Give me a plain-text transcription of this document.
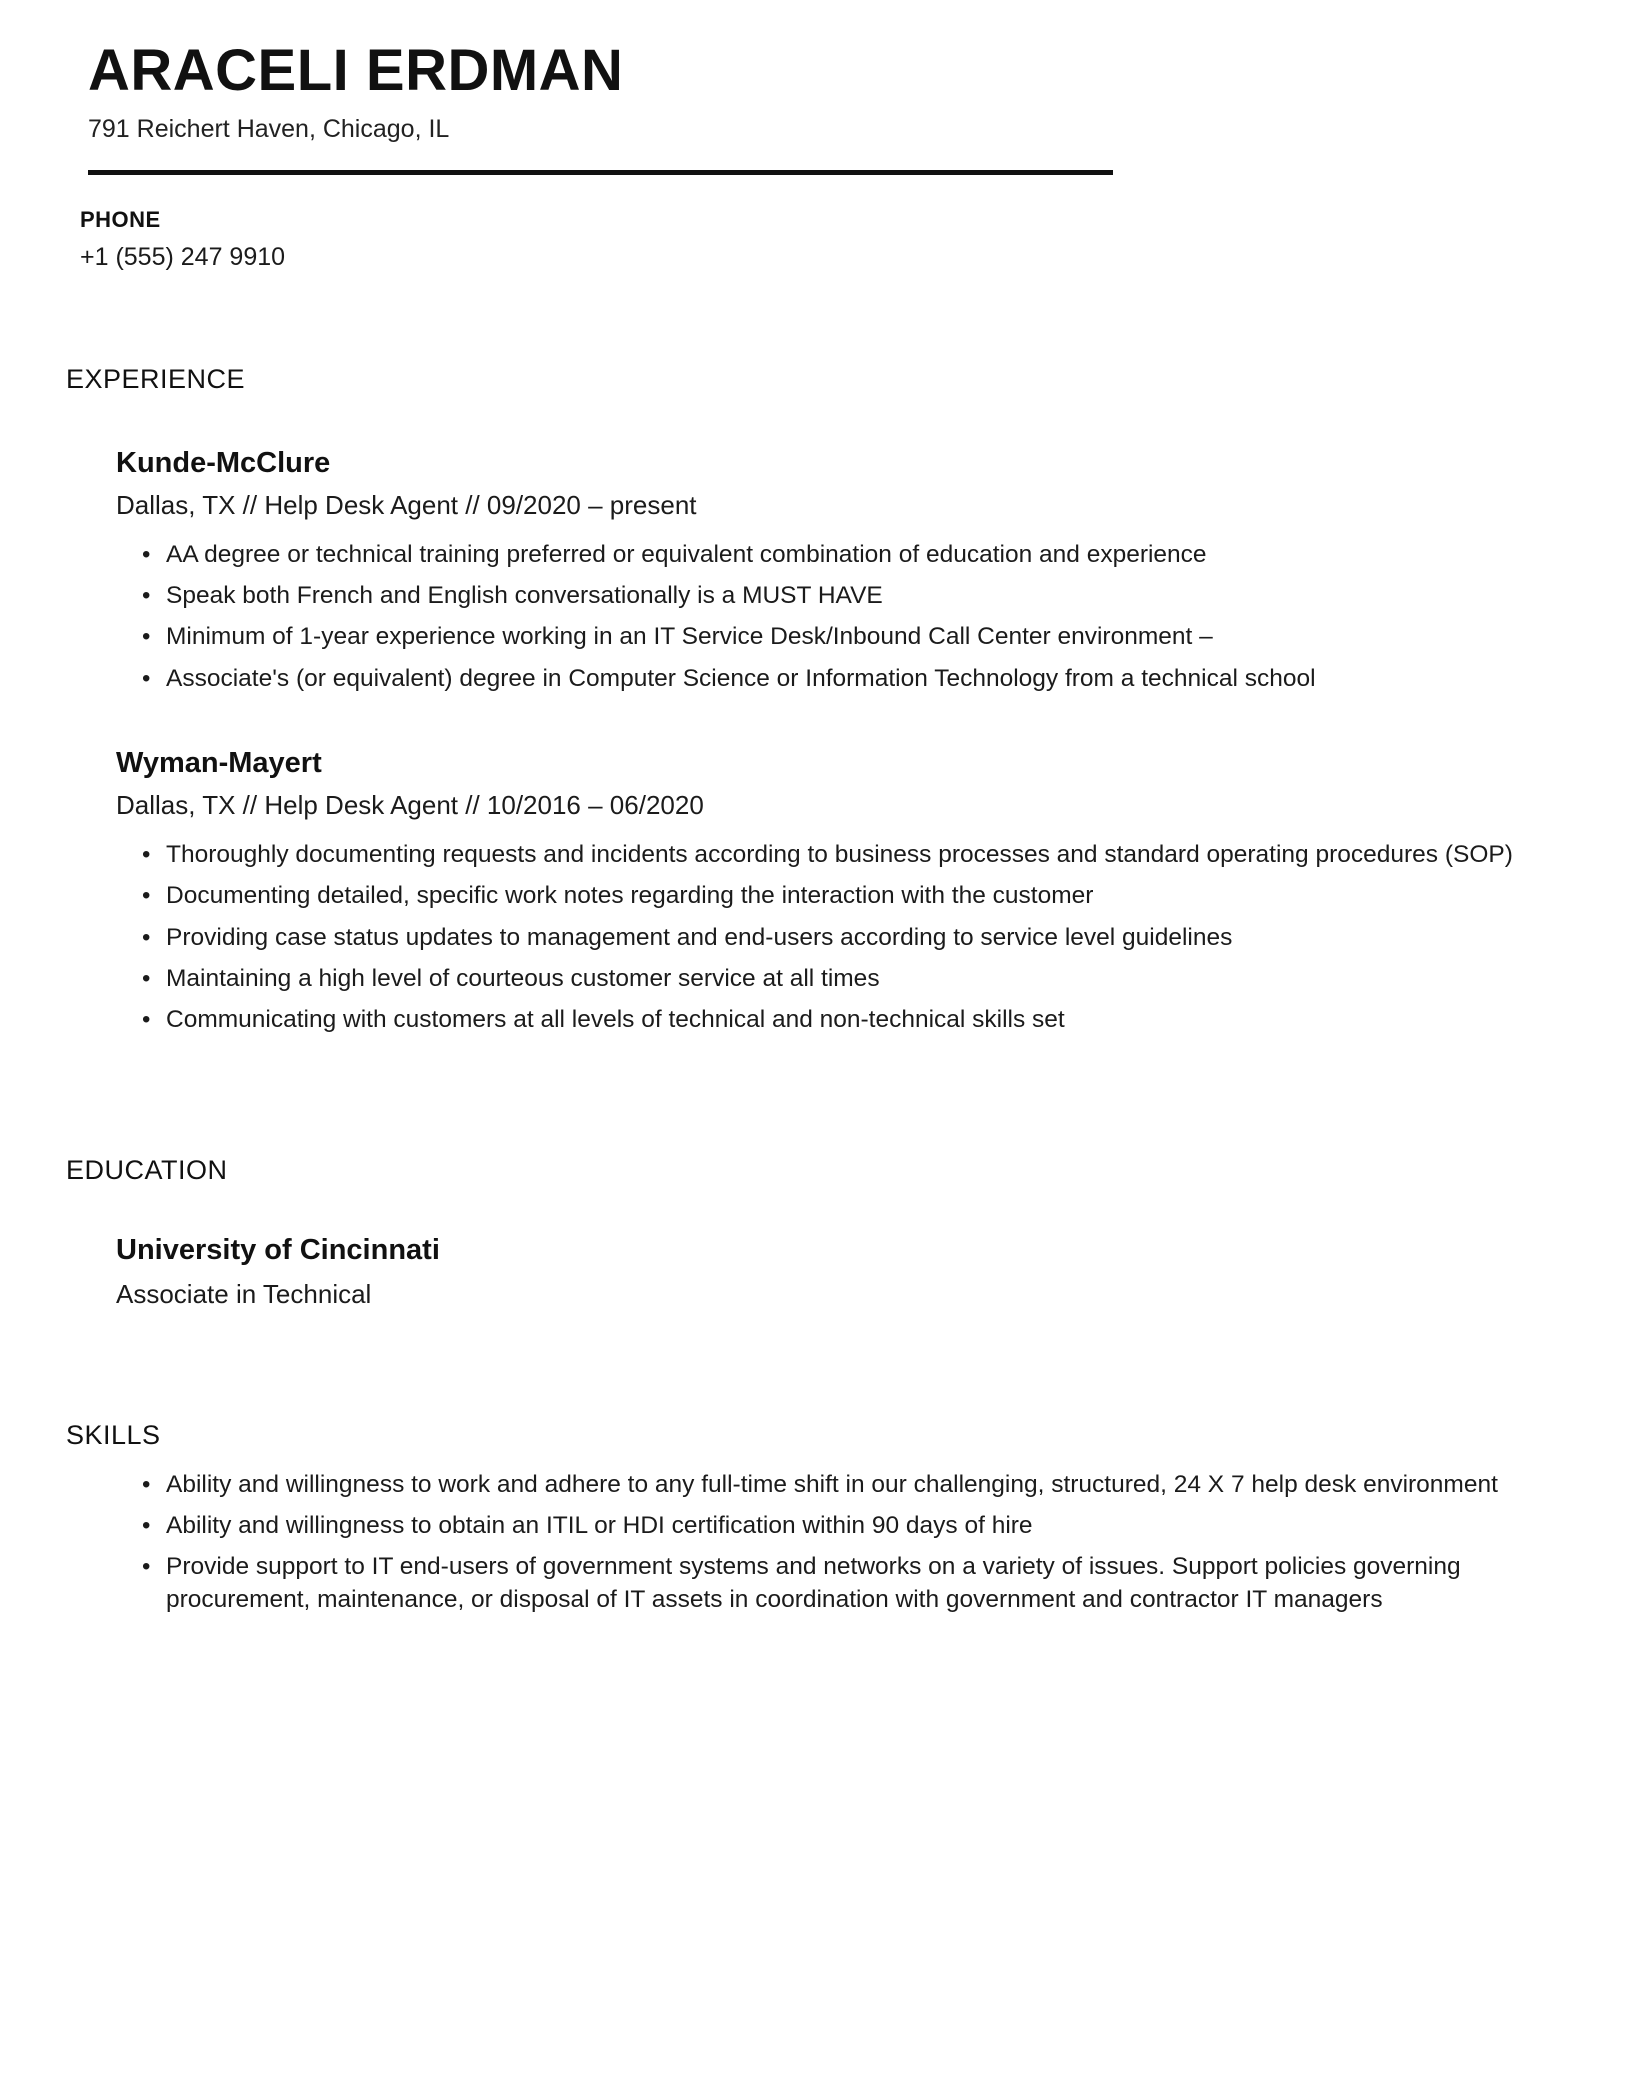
ARACELI ERDMAN
791 Reichert Haven, Chicago, IL
PHONE
+1 (555) 247 9910
EXPERIENCE
Kunde-McClure
Dallas, TX // Help Desk Agent // 09/2020 – present
• AA degree or technical training preferred or equivalent combination of education and experience
• Speak both French and English conversationally is a MUST HAVE
• Minimum of 1-year experience working in an IT Service Desk/Inbound Call Center environment –
• Associate's (or equivalent) degree in Computer Science or Information Technology from a technical school
Wyman-Mayert
Dallas, TX // Help Desk Agent // 10/2016 – 06/2020
• Thoroughly documenting requests and incidents according to business processes and standard operating procedures (SOP)
• Documenting detailed, specific work notes regarding the interaction with the customer
• Providing case status updates to management and end-users according to service level guidelines
• Maintaining a high level of courteous customer service at all times
• Communicating with customers at all levels of technical and non-technical skills set
EDUCATION
University of Cincinnati
Associate in Technical
SKILLS
• Ability and willingness to work and adhere to any full-time shift in our challenging, structured, 24 X 7 help desk environment
• Ability and willingness to obtain an ITIL or HDI certification within 90 days of hire
• Provide support to IT end-users of government systems and networks on a variety of issues. Support policies governing procurement, maintenance, or disposal of IT assets in coordination with government and contractor IT managers
